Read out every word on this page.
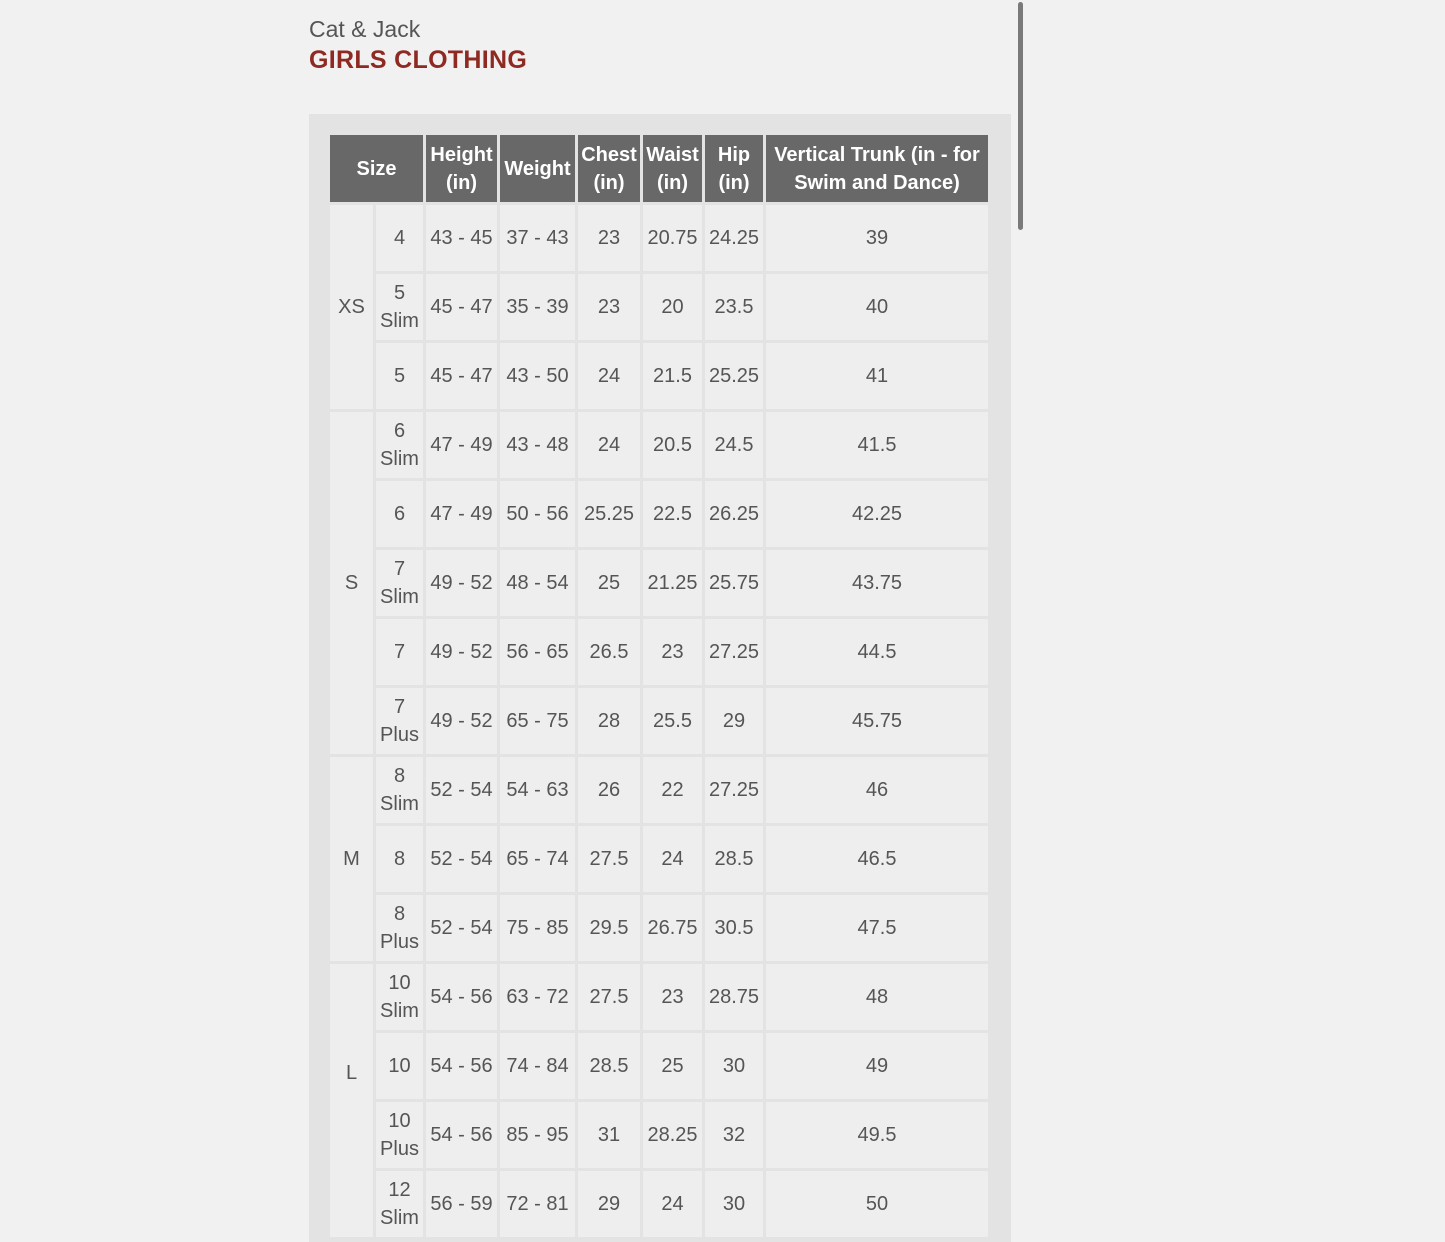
Cat & Jack
GIRLS CLOTHING
Size		Height (in)	Weight	Chest (in)	Waist (in)	Hip (in)	Vertical Trunk (in - for Swim and Dance)
XS	4	43 - 45	37 - 43	23	20.75	24.25	39
	5 Slim	45 - 47	35 - 39	23	20	23.5	40
	5	45 - 47	43 - 50	24	21.5	25.25	41
S	6 Slim	47 - 49	43 - 48	24	20.5	24.5	41.5
	6	47 - 49	50 - 56	25.25	22.5	26.25	42.25
	7 Slim	49 - 52	48 - 54	25	21.25	25.75	43.75
	7	49 - 52	56 - 65	26.5	23	27.25	44.5
	7 Plus	49 - 52	65 - 75	28	25.5	29	45.75
M	8 Slim	52 - 54	54 - 63	26	22	27.25	46
	8	52 - 54	65 - 74	27.5	24	28.5	46.5
	8 Plus	52 - 54	75 - 85	29.5	26.75	30.5	47.5

L	10 Slim	54 - 56	63 - 72	27.5	23	28.75	48
	10	54 - 56	74 - 84	28.5	25	30	49
	10 Plus	54 - 56	85 - 95	31	28.25	32	49.5
	12 Slim	56 - 59	72 - 81	29	24	30	50
